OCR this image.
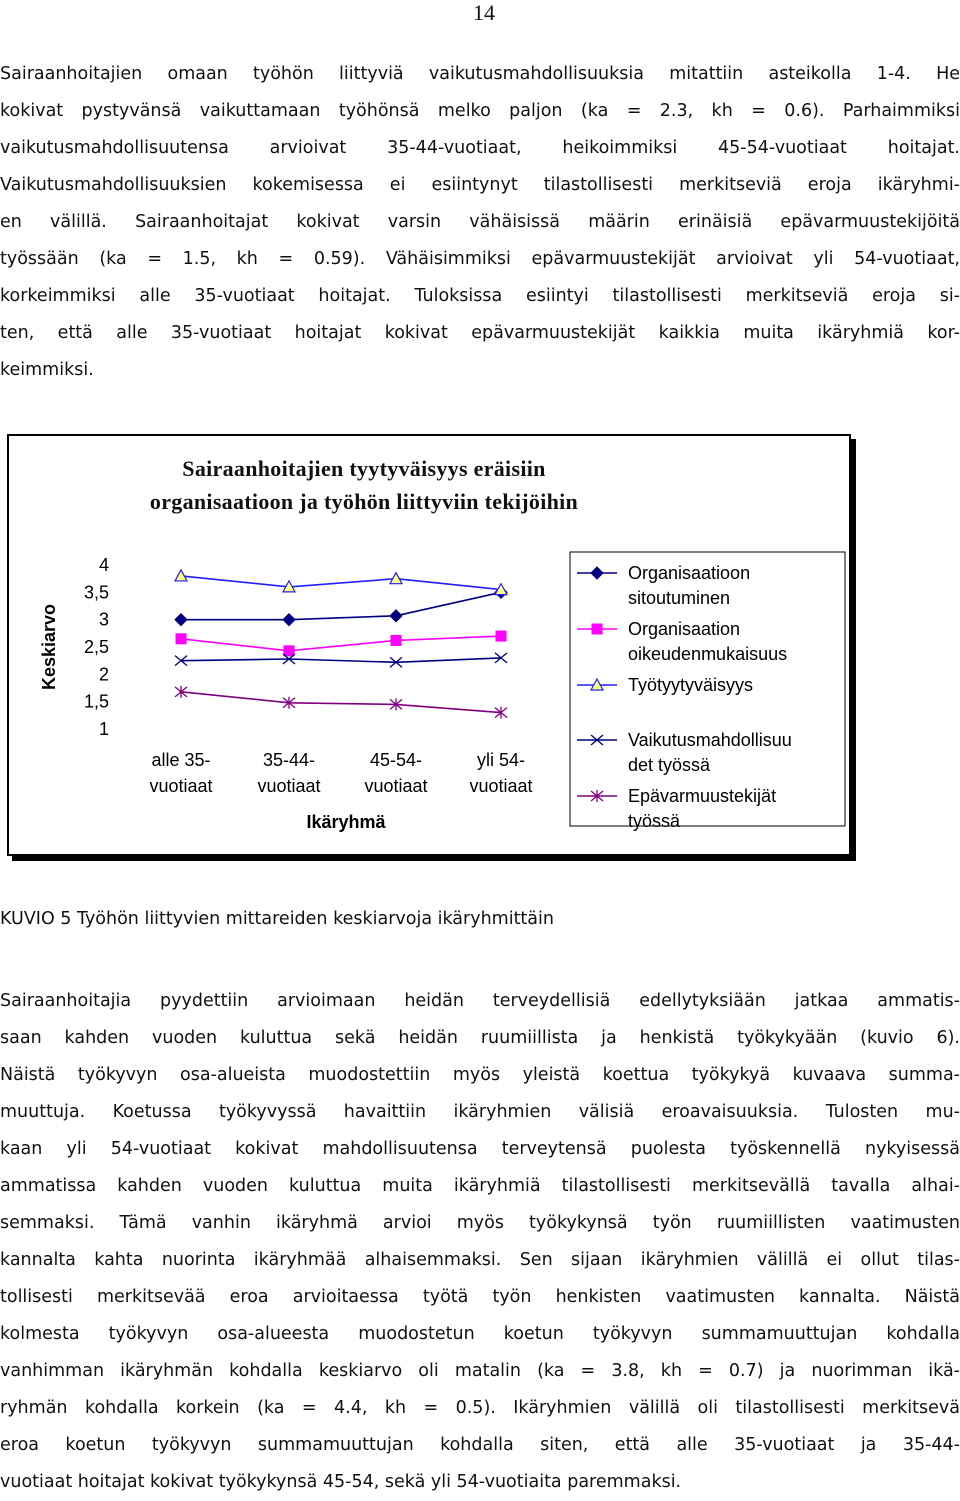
14
Sairaanhoitajien omaan työhön liittyviä vaikutusmahdollisuuksia mitattiin asteikolla 1-4. He
kokivat pystyvänsä vaikuttamaan työhönsä melko paljon (ka = 2.3, kh = 0.6). Parhaimmiksi
vaikutusmahdollisuutensa arvioivat 35-44-vuotiaat, heikoimmiksi 45-54-vuotiaat hoitajat.
Vaikutusmahdollisuuksien kokemisessa ei esiintynyt tilastollisesti merkitseviä eroja ikäryhmi-
en välillä. Sairaanhoitajat kokivat varsin vähäisissä määrin erinäisiä epävarmuustekijöitä
työssään (ka = 1.5, kh = 0.59). Vähäisimmiksi epävarmuustekijät arvioivat yli 54-vuotiaat,
korkeimmiksi alle 35-vuotiaat hoitajat. Tuloksissa esiintyi tilastollisesti merkitseviä eroja si-
ten, että alle 35-vuotiaat hoitajat kokivat epävarmuustekijät kaikkia muita ikäryhmiä kor-
keimmiksi.
Sairaanhoitajien tyytyväisyys eräisiin
organisaatioon ja työhön liittyviin tekijöihin
Keskiarvo
4
3,5
3
2,5
2
1,5
1
alle 35-
vuotiaat
35-44-
vuotiaat
45-54-
vuotiaat
yli 54-
vuotiaat
Ikäryhmä
Organisaatioon
sitoutuminen
Organisaation
oikeudenmukaisuus
Työtyytyväisyys
Vaikutusmahdollisuu
det työssä
Epävarmuustekijät
työssä
KUVIO 5 Työhön liittyvien mittareiden keskiarvoja ikäryhmittäin
Sairaanhoitajia pyydettiin arvioimaan heidän terveydellisiä edellytyksiään jatkaa ammatis-
saan kahden vuoden kuluttua sekä heidän ruumiillista ja henkistä työkykyään (kuvio 6).
Näistä työkyvyn osa-alueista muodostettiin myös yleistä koettua työkykyä kuvaava summa-
muuttuja. Koetussa työkyvyssä havaittiin ikäryhmien välisiä eroavaisuuksia. Tulosten mu-
kaan yli 54-vuotiaat kokivat mahdollisuutensa terveytensä puolesta työskennellä nykyisessä
ammatissa kahden vuoden kuluttua muita ikäryhmiä tilastollisesti merkitsevällä tavalla alhai-
semmaksi. Tämä vanhin ikäryhmä arvioi myös työkykynsä työn ruumiillisten vaatimusten
kannalta kahta nuorinta ikäryhmää alhaisemmaksi. Sen sijaan ikäryhmien välillä ei ollut tilas-
tollisesti merkitsevää eroa arvioitaessa työtä työn henkisten vaatimusten kannalta. Näistä
kolmesta työkyvyn osa-alueesta muodostetun koetun työkyvyn summamuuttujan kohdalla
vanhimman ikäryhmän kohdalla keskiarvo oli matalin (ka = 3.8, kh = 0.7) ja nuorimman ikä-
ryhmän kohdalla korkein (ka = 4.4, kh = 0.5). Ikäryhmien välillä oli tilastollisesti merkitsevä
eroa koetun työkyvyn summamuuttujan kohdalla siten, että alle 35-vuotiaat ja 35-44-
vuotiaat hoitajat kokivat työkykynsä 45-54, sekä yli 54-vuotiaita paremmaksi.
